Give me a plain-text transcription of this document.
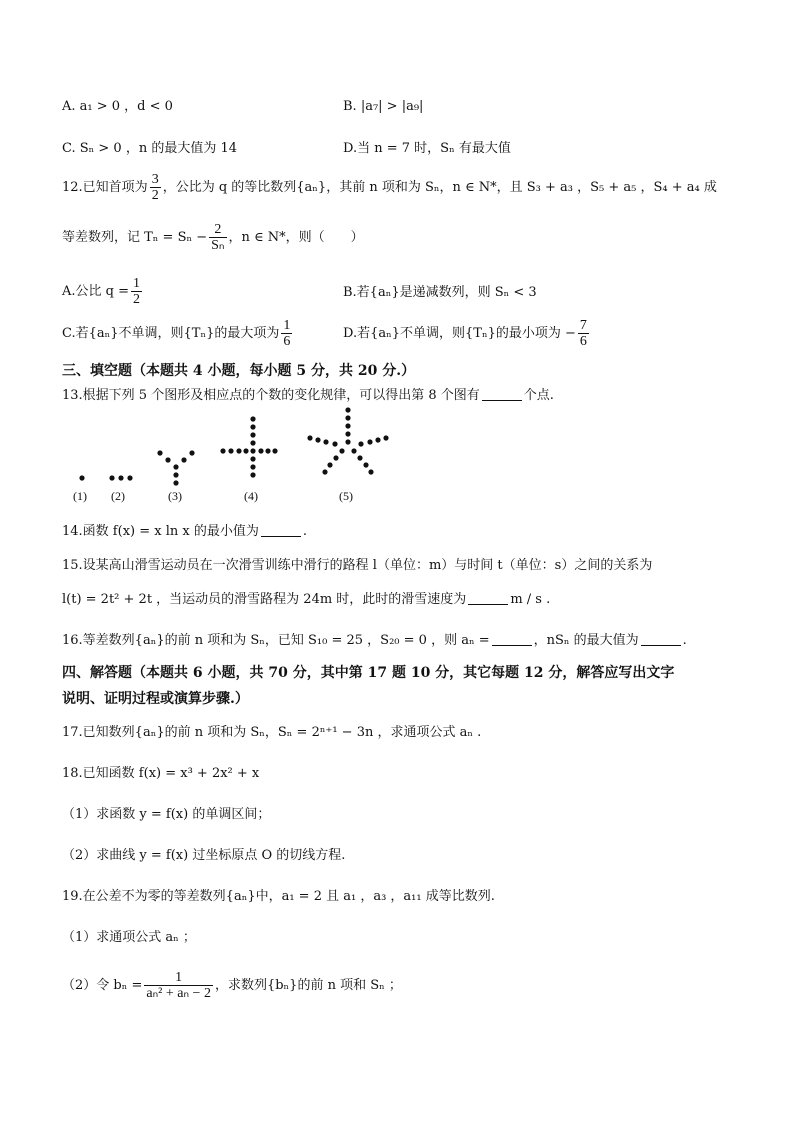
A. a₁ > 0 ，d < 0	B. |a₇| > |a₉|
C. Sₙ > 0 ，n 的最大值为 14	D.当 n = 7 时，Sₙ 有最大值
12.已知首项为 $\frac{3}{2}$ ，公比为 q 的等比数列{aₙ}，其前 n 项和为 Sₙ，n ∈ N*，且 S₃ + a₃ ，S₅ + a₅ ，S₄ + a₄ 成
等差数列，记 $T_n = S_n - \frac{2}{\text{Sₙ}}$ ，n ∈ N*，则（　　）
A.公比 $q = \frac{1}{2}$	B.若{aₙ}是递减数列，则 Sₙ < 3
C.若{aₙ}不单调，则{Tₙ}的最大项为 $\frac{1}{6}$	D.若{aₙ}不单调，则{Tₙ}的最小项为 − $\frac{7}{6}$
三、填空题（本题共 4 小题，每小题 5 分，共 20 分.）
13.根据下列 5 个图形及相应点的个数的变化规律，可以得出第 8 个图有	个点.
(1) (2)	(3)	(4)	(5)
14.函数 f(x) = x ln x 的最小值为	.
15.设某高山滑雪运动员在一次滑雪训练中滑行的路程 l（单位：m）与时间 t（单位：s）之间的关系为
l(t) = 2t² + 2t ，当运动员的滑雪路程为 24m 时，此时的滑雪速度为	m / s .
16.等差数列{aₙ}的前 n 项和为 Sₙ，已知 S₁₀ = 25 ，S₂₀ = 0 ，则 aₙ =	，nSₙ 的最大值为	.
四、解答题（本题共 6 小题，共 70 分，其中第 17 题 10 分，其它每题 12 分，解答应写出文字
说明、证明过程或演算步骤.）
17.已知数列{aₙ}的前 n 项和为 Sₙ，Sₙ = 2ⁿ⁺¹ − 3n ，求通项公式 aₙ .
18.已知函数 f(x) = x³ + 2x² + x
（1）求函数 y = f(x) 的单调区间；
（2）求曲线 y = f(x) 过坐标原点 O 的切线方程.
19.在公差不为零的等差数列{aₙ}中，a₁ = 2 且 a₁ ，a₃ ，a₁₁ 成等比数列.
（1）求通项公式 aₙ ；
（2）令 $b_n = \frac{1}{\text{aₙ² + aₙ − 2}}$ ，求数列{bₙ}的前 n 项和 Sₙ ；
